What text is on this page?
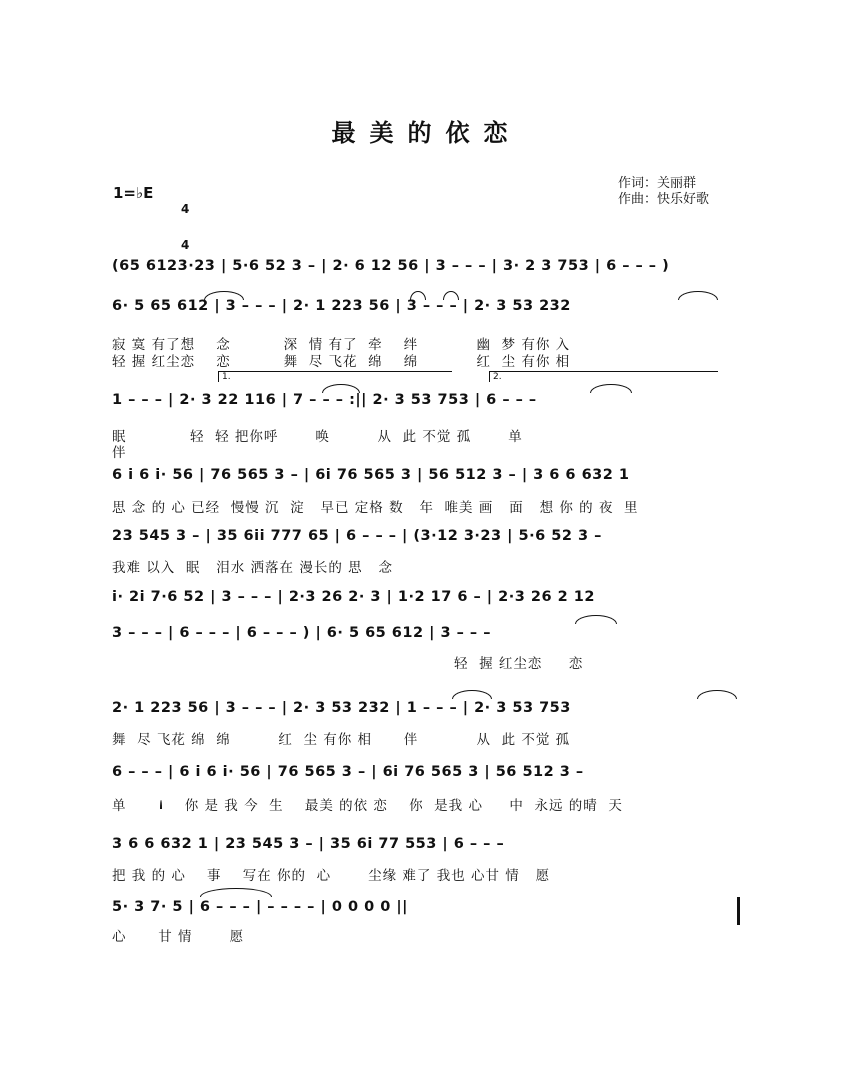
最美的依恋
1=♭E

4

4

作词：关丽群
作曲：快乐好歌
(65 6123·23 | 5·6 52 3 – | 2· 6 12 56 | 3 – – – | 3· 2 3 753 | 6 – – – )
6· 5 65 612 | 3 – – – | 2· 1 223 56 | 3 – – – | 2· 3 53 232
寂 寞 有了想    念          深  情 有了  牵    绊           幽  梦 有你 入
轻 握 红尘恋    恋          舞  尽 飞花  绵    绵           红  尘 有你 相
1.	2.
1 – – – | 2· 3 22 116 | 7 – – – :|| 2· 3 53 753 | 6 – – –
眠            轻  轻 把你呼       唤         从  此 不觉 孤       单
伴
6 i 6 i· 56 | 76 565 3 – | 6i 76 565 3 | 56 512 3 – | 3 6 6 632 1
思 念 的 心 已经  慢慢 沉  淀   早已 定格 数   年  唯美 画   面   想 你 的 夜  里
23 545 3 – | 35 6ii 777 65 | 6 – – – | (3·12 3·23 | 5·6 52 3 –
我难 以入  眠   泪水 洒落在 漫长的 思   念
i· 2i 7·6 52 | 3 – – – | 2·3 26 2· 3 | 1·2 17 6 – | 2·3 26 2 12
3 – – – | 6 – – – | 6 – – – ) | 6· 5 65 612 | 3 – – –
轻  握 红尘恋     恋
2· 1 223 56 | 3 – – – | 2· 3 53 232 | 1 – – – | 2· 3 53 753
舞  尽 飞花 绵  绵         红  尘 有你 相      伴           从  此 不觉 孤
6 – – – | 6 i 6 i· 56 | 76 565 3 – | 6i 76 565 3 | 56 512 3 –
单           你 是 我 今  生    最美 的依 恋    你  是我 心     中  永远 的晴  天
3 6 6 632 1 | 23 545 3 – | 35 6i 77 553 | 6 – – –
把 我 的 心    事    写在 你的  心       尘缘 难了 我也 心甘 情   愿
5· 3 7· 5 | 6 – – – | – – – – | 0 0 0 0 ||
心      甘 情       愿
